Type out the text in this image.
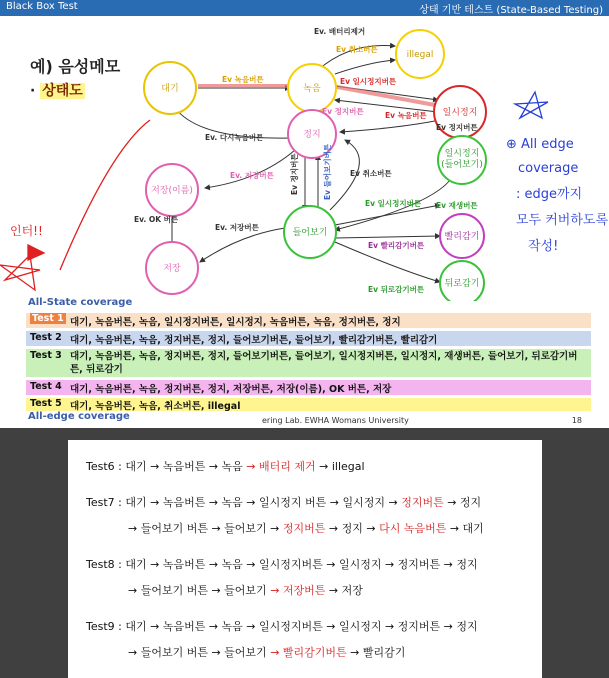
Black Box Test	상태 기반 테스트 (State-Based Testing)
예) 음성메모
· 상태도	대기	녹음
illegal
일시정지
정지
저장(이름)
저장
들어보기
일시정지
(들어보기)
빨리감기
뒤로감기
Ev 녹음버튼
Ev. 배터리제거
Ev 취소버튼
Ev 일시정지버튼
Ev 녹음버튼
Ev 정지버튼
Ev 정지버튼
Ev. 다시녹음버튼
Ev. 저장버튼
Ev. OK 버튼
Ev. 저장버튼
Ev 취소버튼
Ev 일시정지버튼 Ev 재생버튼
Ev 빨리감기버튼
Ev 뒤로감기버튼
Ev 정지버튼	Ev 들어보기버튼	⊕ All edge
coverage
: edge까지
모두 커버하도록
작성!
인터!!
All-State coverage
Test 1 대기, 녹음버튼, 녹음, 일시정지버튼, 일시정지, 녹음버튼, 녹음, 정지버튼, 정지
Test 2 대기, 녹음버튼, 녹음, 정지버튼, 정지, 들어보기버튼, 들어보기, 빨리감기버튼, 빨리감기
Test 3 대기, 녹음버튼, 녹음, 정지버튼, 정지, 들어보기버튼, 들어보기, 일시정지버튼, 일시정지, 재생버튼, 들어보기, 뒤로감기버튼, 뒤로감기
Test 4 대기, 녹음버튼, 녹음, 정지버튼, 정지, 저장버튼, 저장(이름), OK 버튼, 저장
Test 5 대기, 녹음버튼, 녹음, 취소버튼, illegal
All-edge coverage	ering Lab. EWHA Womans University	18
Test6 : 대기 → 녹음버튼 → 녹음 → 배터리 제거 → illegal
Test7 : 대기 → 녹음버튼 → 녹음 → 일시정지 버튼 → 일시정지 → 정지버튼 → 정지
→ 들어보기 버튼 → 들어보기 → 정지버튼 → 정지 → 다시 녹음버튼 → 대기
Test8 : 대기 → 녹음버튼 → 녹음 → 일시정지버튼 → 일시정지 → 정지버튼 → 정지
→ 들어보기 버튼 → 들어보기 → 저장버튼 → 저장
Test9 : 대기 → 녹음버튼 → 녹음 → 일시정지버튼 → 일시정지 → 정지버튼 → 정지
→ 들어보기 버튼 → 들어보기 → 빨리감기버튼 → 빨리감기
